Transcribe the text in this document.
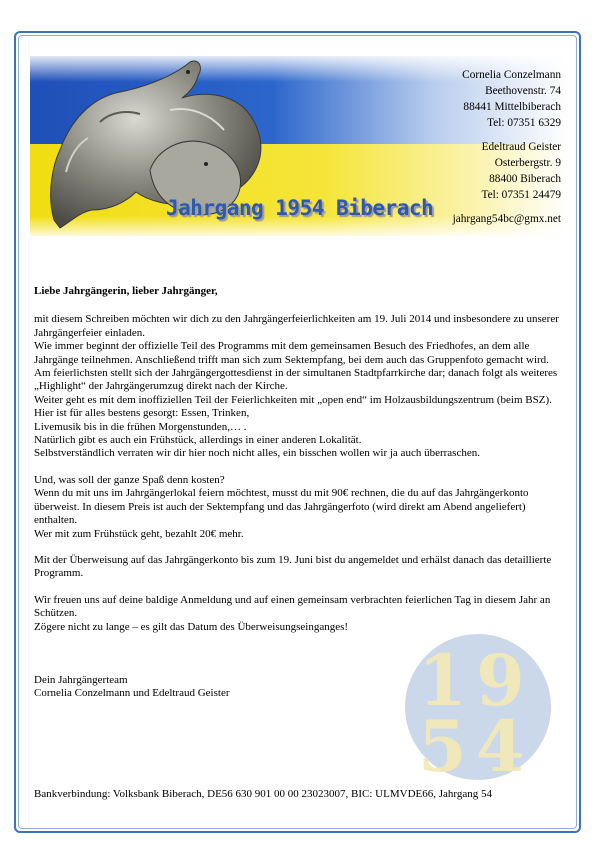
Jahrgang 1954 Biberach
Cornelia Conzelmann
Beethovenstr. 74
88441 Mittelbiberach
Tel: 07351 6329
Edeltraud Geister
Osterbergstr. 9
88400 Biberach
Tel: 07351 24479
jahrgang54bc@gmx.net

Liebe Jahrgängerin, lieber Jahrgänger,

mit diesem Schreiben möchten wir dich zu den Jahrgängerfeierlichkeiten am 19. Juli 2014 und insbesondere zu unserer Jahrgängerfeier einladen.

Wie immer beginnt der offizielle Teil des Programms mit dem gemeinsamen Besuch des Friedhofes, an dem alle Jahrgänge teilnehmen. Anschließend trifft man sich zum Sektempfang, bei dem auch das Gruppenfoto gemacht wird. Am feierlichsten stellt sich der Jahrgängergottesdienst in der simultanen Stadtpfarrkirche dar; danach folgt als weiteres „Highlight“ der Jahrgängerumzug direkt nach der Kirche.

Weiter geht es mit dem inoffiziellen Teil der Feierlichkeiten mit „open end“ im Holzausbildungszentrum (beim BSZ). Hier ist für alles bestens gesorgt: Essen, Trinken,

Livemusik bis in die frühen Morgenstunden,… .

Natürlich gibt es auch ein Frühstück, allerdings in einer anderen Lokalität.

Selbstverständlich verraten wir dir hier noch nicht alles, ein bisschen wollen wir ja auch überraschen.

Und, was soll der ganze Spaß denn kosten?

Wenn du mit uns im Jahrgängerlokal feiern möchtest, musst du mit 90€ rechnen, die du auf das Jahrgängerkonto überweist. In diesem Preis ist auch der Sektempfang und das Jahrgängerfoto (wird direkt am Abend angeliefert) enthalten.

Wer mit zum Frühstück geht, bezahlt 20€ mehr.

Mit der Überweisung auf das Jahrgängerkonto bis zum 19. Juni bist du angemeldet und erhälst danach das detaillierte Programm.

Wir freuen uns auf deine baldige Anmeldung und auf einen gemeinsam verbrachten feierlichen Tag in diesem Jahr an Schützen.

Zögere nicht zu lange – es gilt das Datum des Überweisungseinganges!

Dein Jahrgängerteam

Cornelia Conzelmann und Edeltraud Geister	1 9
5 4
Bankverbindung: Volksbank Biberach, DE56 630 901 00 00 23023007, BIC: ULMVDE66, Jahrgang 54
